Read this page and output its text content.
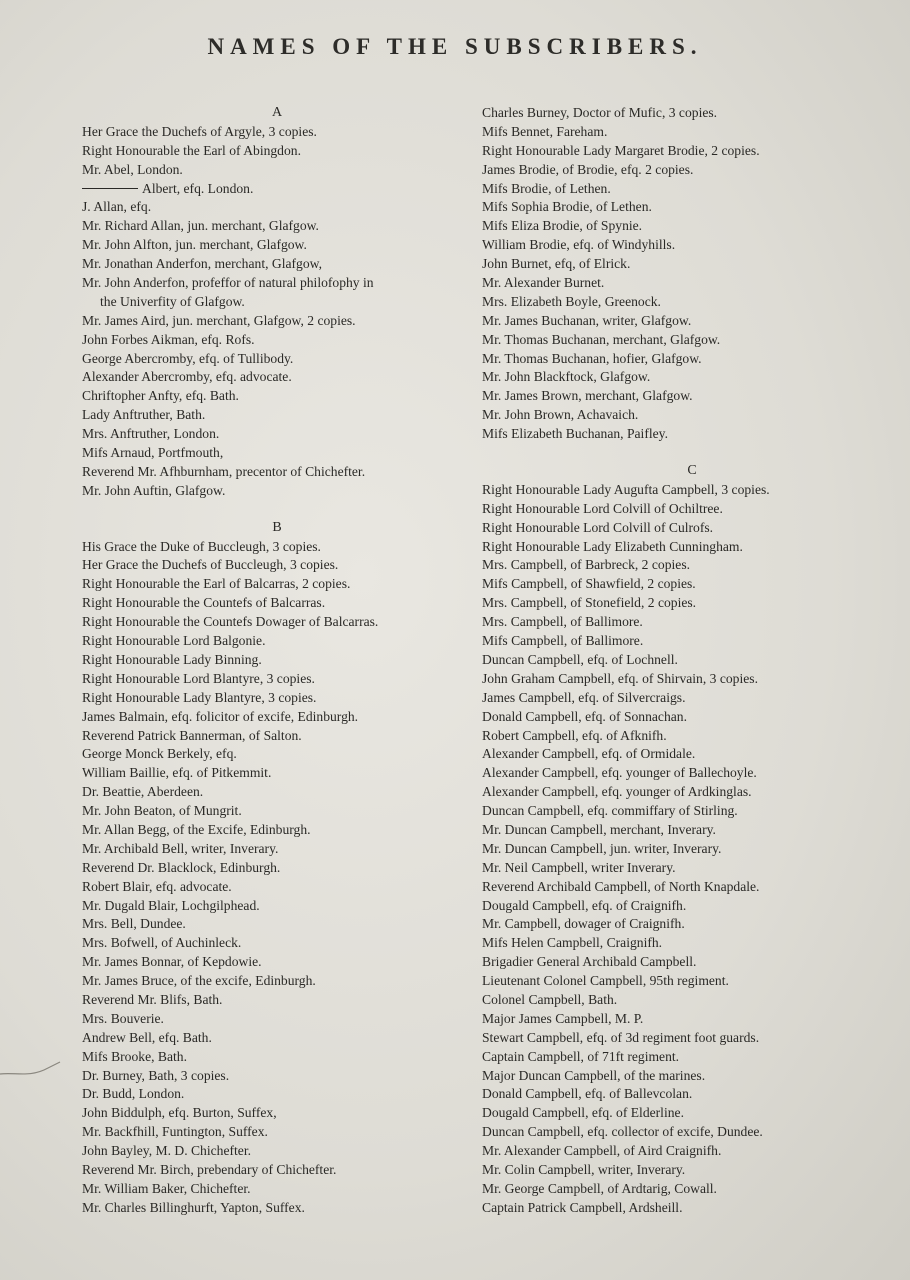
NAMES OF THE SUBSCRIBERS.
A
Her Grace the Duchefs of Argyle, 3 copies.
Right Honourable the Earl of Abingdon.
Mr. Abel, London.
Albert, efq. London.
J. Allan, efq.
Mr. Richard Allan, jun. merchant, Glafgow.
Mr. John Alfton, jun. merchant, Glafgow.
Mr. Jonathan Anderfon, merchant, Glafgow,
Mr. John Anderfon, profeffor of natural philofophy in
the Univerfity of Glafgow.
Mr. James Aird, jun. merchant, Glafgow, 2 copies.
John Forbes Aikman, efq. Rofs.
George Abercromby, efq. of Tullibody.
Alexander Abercromby, efq. advocate.
Chriftopher Anfty, efq. Bath.
Lady Anftruther, Bath.
Mrs. Anftruther, London.
Mifs Arnaud, Portfmouth,
Reverend Mr. Afhburnham, precentor of Chichefter.
Mr. John Auftin, Glafgow.
B
His Grace the Duke of Buccleugh, 3 copies.
Her Grace the Duchefs of Buccleugh, 3 copies.
Right Honourable the Earl of Balcarras, 2 copies.
Right Honourable the Countefs of Balcarras.
Right Honourable the Countefs Dowager of Balcarras.
Right Honourable Lord Balgonie.
Right Honourable Lady Binning.
Right Honourable Lord Blantyre, 3 copies.
Right Honourable Lady Blantyre, 3 copies.
James Balmain, efq. folicitor of excife, Edinburgh.
Reverend Patrick Bannerman, of Salton.
George Monck Berkely, efq.
William Baillie, efq. of Pitkemmit.
Dr. Beattie, Aberdeen.
Mr. John Beaton, of Mungrit.
Mr. Allan Begg, of the Excife, Edinburgh.
Mr. Archibald Bell, writer, Inverary.
Reverend Dr. Blacklock, Edinburgh.
Robert Blair, efq. advocate.
Mr. Dugald Blair, Lochgilphead.
Mrs. Bell, Dundee.
Mrs. Bofwell, of Auchinleck.
Mr. James Bonnar, of Kepdowie.
Mr. James Bruce, of the excife, Edinburgh.
Reverend Mr. Blifs, Bath.
Mrs. Bouverie.
Andrew Bell, efq. Bath.
Mifs Brooke, Bath.
Dr. Burney, Bath, 3 copies.
Dr. Budd, London.
John Biddulph, efq. Burton, Suffex,
Mr. Backfhill, Funtington, Suffex.
John Bayley, M. D. Chichefter.
Reverend Mr. Birch, prebendary of Chichefter.
Mr. William Baker, Chichefter.
Mr. Charles Billinghurft, Yapton, Suffex.
Charles Burney, Doctor of Mufic, 3 copies.
Mifs Bennet, Fareham.
Right Honourable Lady Margaret Brodie, 2 copies.
James Brodie, of Brodie, efq. 2 copies.
Mifs Brodie, of Lethen.
Mifs Sophia Brodie, of Lethen.
Mifs Eliza Brodie, of Spynie.
William Brodie, efq. of Windyhills.
John Burnet, efq, of Elrick.
Mr. Alexander Burnet.
Mrs. Elizabeth Boyle, Greenock.
Mr. James Buchanan, writer, Glafgow.
Mr. Thomas Buchanan, merchant, Glafgow.
Mr. Thomas Buchanan, hofier, Glafgow.
Mr. John Blackftock, Glafgow.
Mr. James Brown, merchant, Glafgow.
Mr. John Brown, Achavaich.
Mifs Elizabeth Buchanan, Paifley.
C
Right Honourable Lady Augufta Campbell, 3 copies.
Right Honourable Lord Colvill of Ochiltree.
Right Honourable Lord Colvill of Culrofs.
Right Honourable Lady Elizabeth Cunningham.
Mrs. Campbell, of Barbreck, 2 copies.
Mifs Campbell, of Shawfield, 2 copies.
Mrs. Campbell, of Stonefield, 2 copies.
Mrs. Campbell, of Ballimore.
Mifs Campbell, of Ballimore.
Duncan Campbell, efq. of Lochnell.
John Graham Campbell, efq. of Shirvain, 3 copies.
James Campbell, efq. of Silvercraigs.
Donald Campbell, efq. of Sonnachan.
Robert Campbell, efq. of Afknifh.
Alexander Campbell, efq. of Ormidale.
Alexander Campbell, efq. younger of Ballechoyle.
Alexander Campbell, efq. younger of Ardkinglas.
Duncan Campbell, efq. commiffary of Stirling.
Mr. Duncan Campbell, merchant, Inverary.
Mr. Duncan Campbell, jun. writer, Inverary.
Mr. Neil Campbell, writer Inverary.
Reverend Archibald Campbell, of North Knapdale.
Dougald Campbell, efq. of Craignifh.
Mr. Campbell, dowager of Craignifh.
Mifs Helen Campbell, Craignifh.
Brigadier General Archibald Campbell.
Lieutenant Colonel Campbell, 95th regiment.
Colonel Campbell, Bath.
Major James Campbell, M. P.
Stewart Campbell, efq. of 3d regiment foot guards.
Captain Campbell, of 71ft regiment.
Major Duncan Campbell, of the marines.
Donald Campbell, efq. of Ballevcolan.
Dougald Campbell, efq. of Elderline.
Duncan Campbell, efq. collector of excife, Dundee.
Mr. Alexander Campbell, of Aird Craignifh.
Mr. Colin Campbell, writer, Inverary.
Mr. George Campbell, of Ardtarig, Cowall.
Captain Patrick Campbell, Ardsheill.
